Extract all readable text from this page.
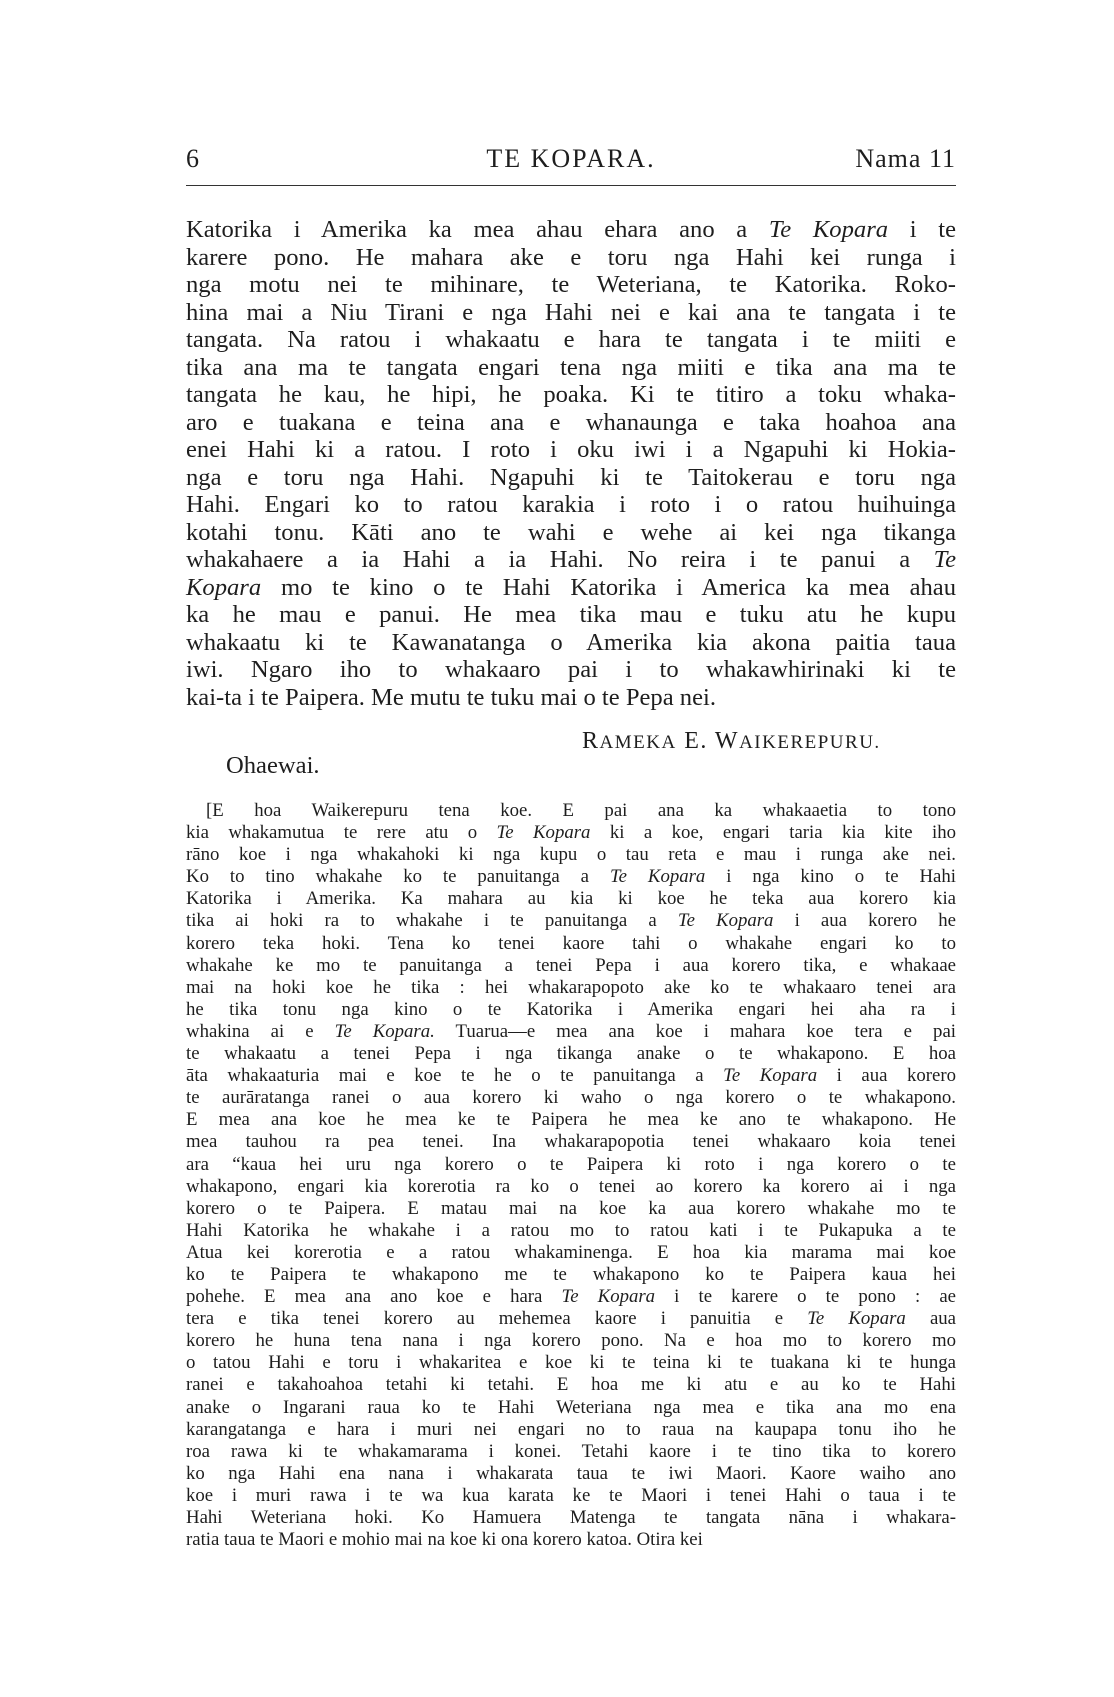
6	TE KOPARA.	Nama 11
Katorika i Amerika ka mea ahau ehara ano a Te Kopara i te
karere pono. He mahara ake e toru nga Hahi kei runga i
nga motu nei te mihinare, te Weteriana, te Katorika. Roko-
hina mai a Niu Tirani e nga Hahi nei e kai ana te tangata i te
tangata. Na ratou i whakaatu e hara te tangata i te miiti e
tika ana ma te tangata engari tena nga miiti e tika ana ma te
tangata he kau, he hipi, he poaka. Ki te titiro a toku whaka-
aro e tuakana e teina ana e whanaunga e taka hoahoa ana
enei Hahi ki a ratou. I roto i oku iwi i a Ngapuhi ki Hokia-
nga e toru nga Hahi. Ngapuhi ki te Taitokerau e toru nga
Hahi. Engari ko to ratou karakia i roto i o ratou huihuinga
kotahi tonu. Kāti ano te wahi e wehe ai kei nga tikanga
whakahaere a ia Hahi a ia Hahi. No reira i te panui a Te
Kopara mo te kino o te Hahi Katorika i America ka mea ahau
ka he mau e panui. He mea tika mau e tuku atu he kupu
whakaatu ki te Kawanatanga o Amerika kia akona paitia taua
iwi. Ngaro iho to whakaaro pai i to whakawhirinaki ki te
kai-ta i te Paipera. Me mutu te tuku mai o te Pepa nei.
RAMEKA E. WAIKEREPURU.
Ohaewai.
[E hoa Waikerepuru tena koe. E pai ana ka whakaaetia to tono
kia whakamutua te rere atu o Te Kopara ki a koe, engari taria kia kite iho
rāno koe i nga whakahoki ki nga kupu o tau reta e mau i runga ake nei.
Ko to tino whakahe ko te panuitanga a Te Kopara i nga kino o te Hahi
Katorika i Amerika. Ka mahara au kia ki koe he teka aua korero kia
tika ai hoki ra to whakahe i te panuitanga a Te Kopara i aua korero he
korero teka hoki. Tena ko tenei kaore tahi o whakahe engari ko to
whakahe ke mo te panuitanga a tenei Pepa i aua korero tika, e whakaae
mai na hoki koe he tika : hei whakarapopoto ake ko te whakaaro tenei ara
he tika tonu nga kino o te Katorika i Amerika engari hei aha ra i
whakina ai e Te Kopara. Tuarua—e mea ana koe i mahara koe tera e pai
te whakaatu a tenei Pepa i nga tikanga anake o te whakapono. E hoa
āta whakaaturia mai e koe te he o te panuitanga a Te Kopara i aua korero
te aurāratanga ranei o aua korero ki waho o nga korero o te whakapono.
E mea ana koe he mea ke te Paipera he mea ke ano te whakapono. He
mea tauhou ra pea tenei. Ina whakarapopotia tenei whakaaro koia tenei
ara “kaua hei uru nga korero o te Paipera ki roto i nga korero o te
whakapono, engari kia korerotia ra ko o tenei ao korero ka korero ai i nga
korero o te Paipera. E matau mai na koe ka aua korero whakahe mo te
Hahi Katorika he whakahe i a ratou mo to ratou kati i te Pukapuka a te
Atua kei korerotia e a ratou whakaminenga. E hoa kia marama mai koe
ko te Paipera te whakapono me te whakapono ko te Paipera kaua hei
pohehe. E mea ana ano koe e hara Te Kopara i te karere o te pono : ae
tera e tika tenei korero au mehemea kaore i panuitia e Te Kopara aua
korero he huna tena nana i nga korero pono. Na e hoa mo to korero mo
o tatou Hahi e toru i whakaritea e koe ki te teina ki te tuakana ki te hunga
ranei e takahoahoa tetahi ki tetahi. E hoa me ki atu e au ko te Hahi
anake o Ingarani raua ko te Hahi Weteriana nga mea e tika ana mo ena
karangatanga e hara i muri nei engari no to raua na kaupapa tonu iho he
roa rawa ki te whakamarama i konei. Tetahi kaore i te tino tika to korero
ko nga Hahi ena nana i whakarata taua te iwi Maori. Kaore waiho ano
koe i muri rawa i te wa kua karata ke te Maori i tenei Hahi o taua i te
Hahi Weteriana hoki. Ko Hamuera Matenga te tangata nāna i whakara-
ratia taua te Maori e mohio mai na koe ki ona korero katoa. Otira kei
